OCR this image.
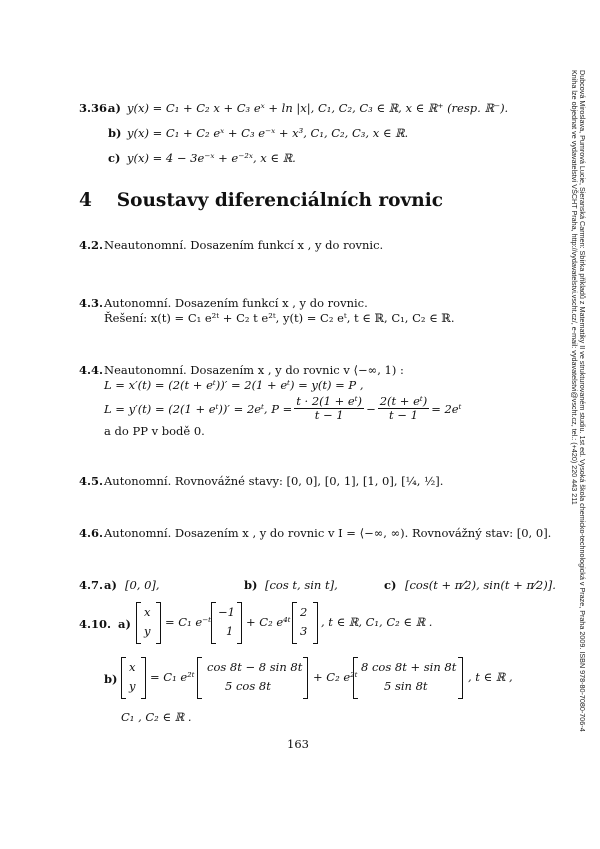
Dubcová Miroslava, Pumrová Lucie, Sieranská Carmen: Sbírka příkladů z Matematiky II ve strukturovaném studiu. 1st ed. Vysoká škola chemicko-technologická v Praze, Praha 2009. ISBN 978-80-7080-706-4
Kniha lze objednat ve vydavatelství VŠCHT Praha, http://vydavatelstvi.vscht.cz/, e-mail: vydavatelstvi@vscht.cz, tel.: (+420) 220 443 211
3.36.
a) y(x) = C₁ + C₂ x + C₃ eˣ + ln |x|, C₁, C₂, C₃ ∈ ℝ, x ∈ ℝ⁺ (resp. ℝ⁻).
b) y(x) = C₁ + C₂ eˣ + C₃ e⁻ˣ + x³, C₁, C₂, C₃, x ∈ ℝ.
c) y(x) = 4 − 3e⁻ˣ + e⁻²ˣ, x ∈ ℝ.
4 Soustavy diferenciálních rovnic
4.2. Neautonomní. Dosazením funkcí x , y do rovnic.
4.3. Autonomní. Dosazením funkcí x , y do rovnic.
Řešení: x(t) = C₁ e²ᵗ + C₂ t e²ᵗ, y(t) = C₂ eᵗ, t ∈ ℝ, C₁, C₂ ∈ ℝ.
4.4. Neautonomní. Dosazením x , y do rovnic v ⟨−∞, 1) :
L = x′(t) = (2(t + eᵗ))′ = 2(1 + eᵗ) = y(t) = P ,
L = y′(t) = (2(1 + eᵗ))′ = 2eᵗ, $P = \frac{\text{t · 2(1 + eᵗ)}}{t - 1} - \frac{\text{2(t + eᵗ)}}{t - 1}$ = 2eᵗ
a do PP v bodě 0.
4.5. Autonomní. Rovnovážné stavy: [0, 0], [0, 1], [1, 0], [¼, ½].
4.6. Autonomní. Dosazením x , y do rovnic v I = ⟨−∞, ∞). Rovnovážný stav: [0, 0].
4.7. a) [0, 0],	b) [cos t, sin t],	c) [cos(t + π⁄2), sin(t + π⁄2)].
4.10. a)
x
y
= C₁ e⁻ᵗ
−1
1
+ C₂ e⁴ᵗ
2
3
, t ∈ ℝ, C₁, C₂ ∈ ℝ .
b)
x
y
= C₁ e²ᵗ
cos 8t − 8 sin 8t
5 cos 8t
+ C₂ e²ᵗ
8 cos 8t + sin 8t
5 sin 8t
, t ∈ ℝ ,
C₁ , C₂ ∈ ℝ .
163
